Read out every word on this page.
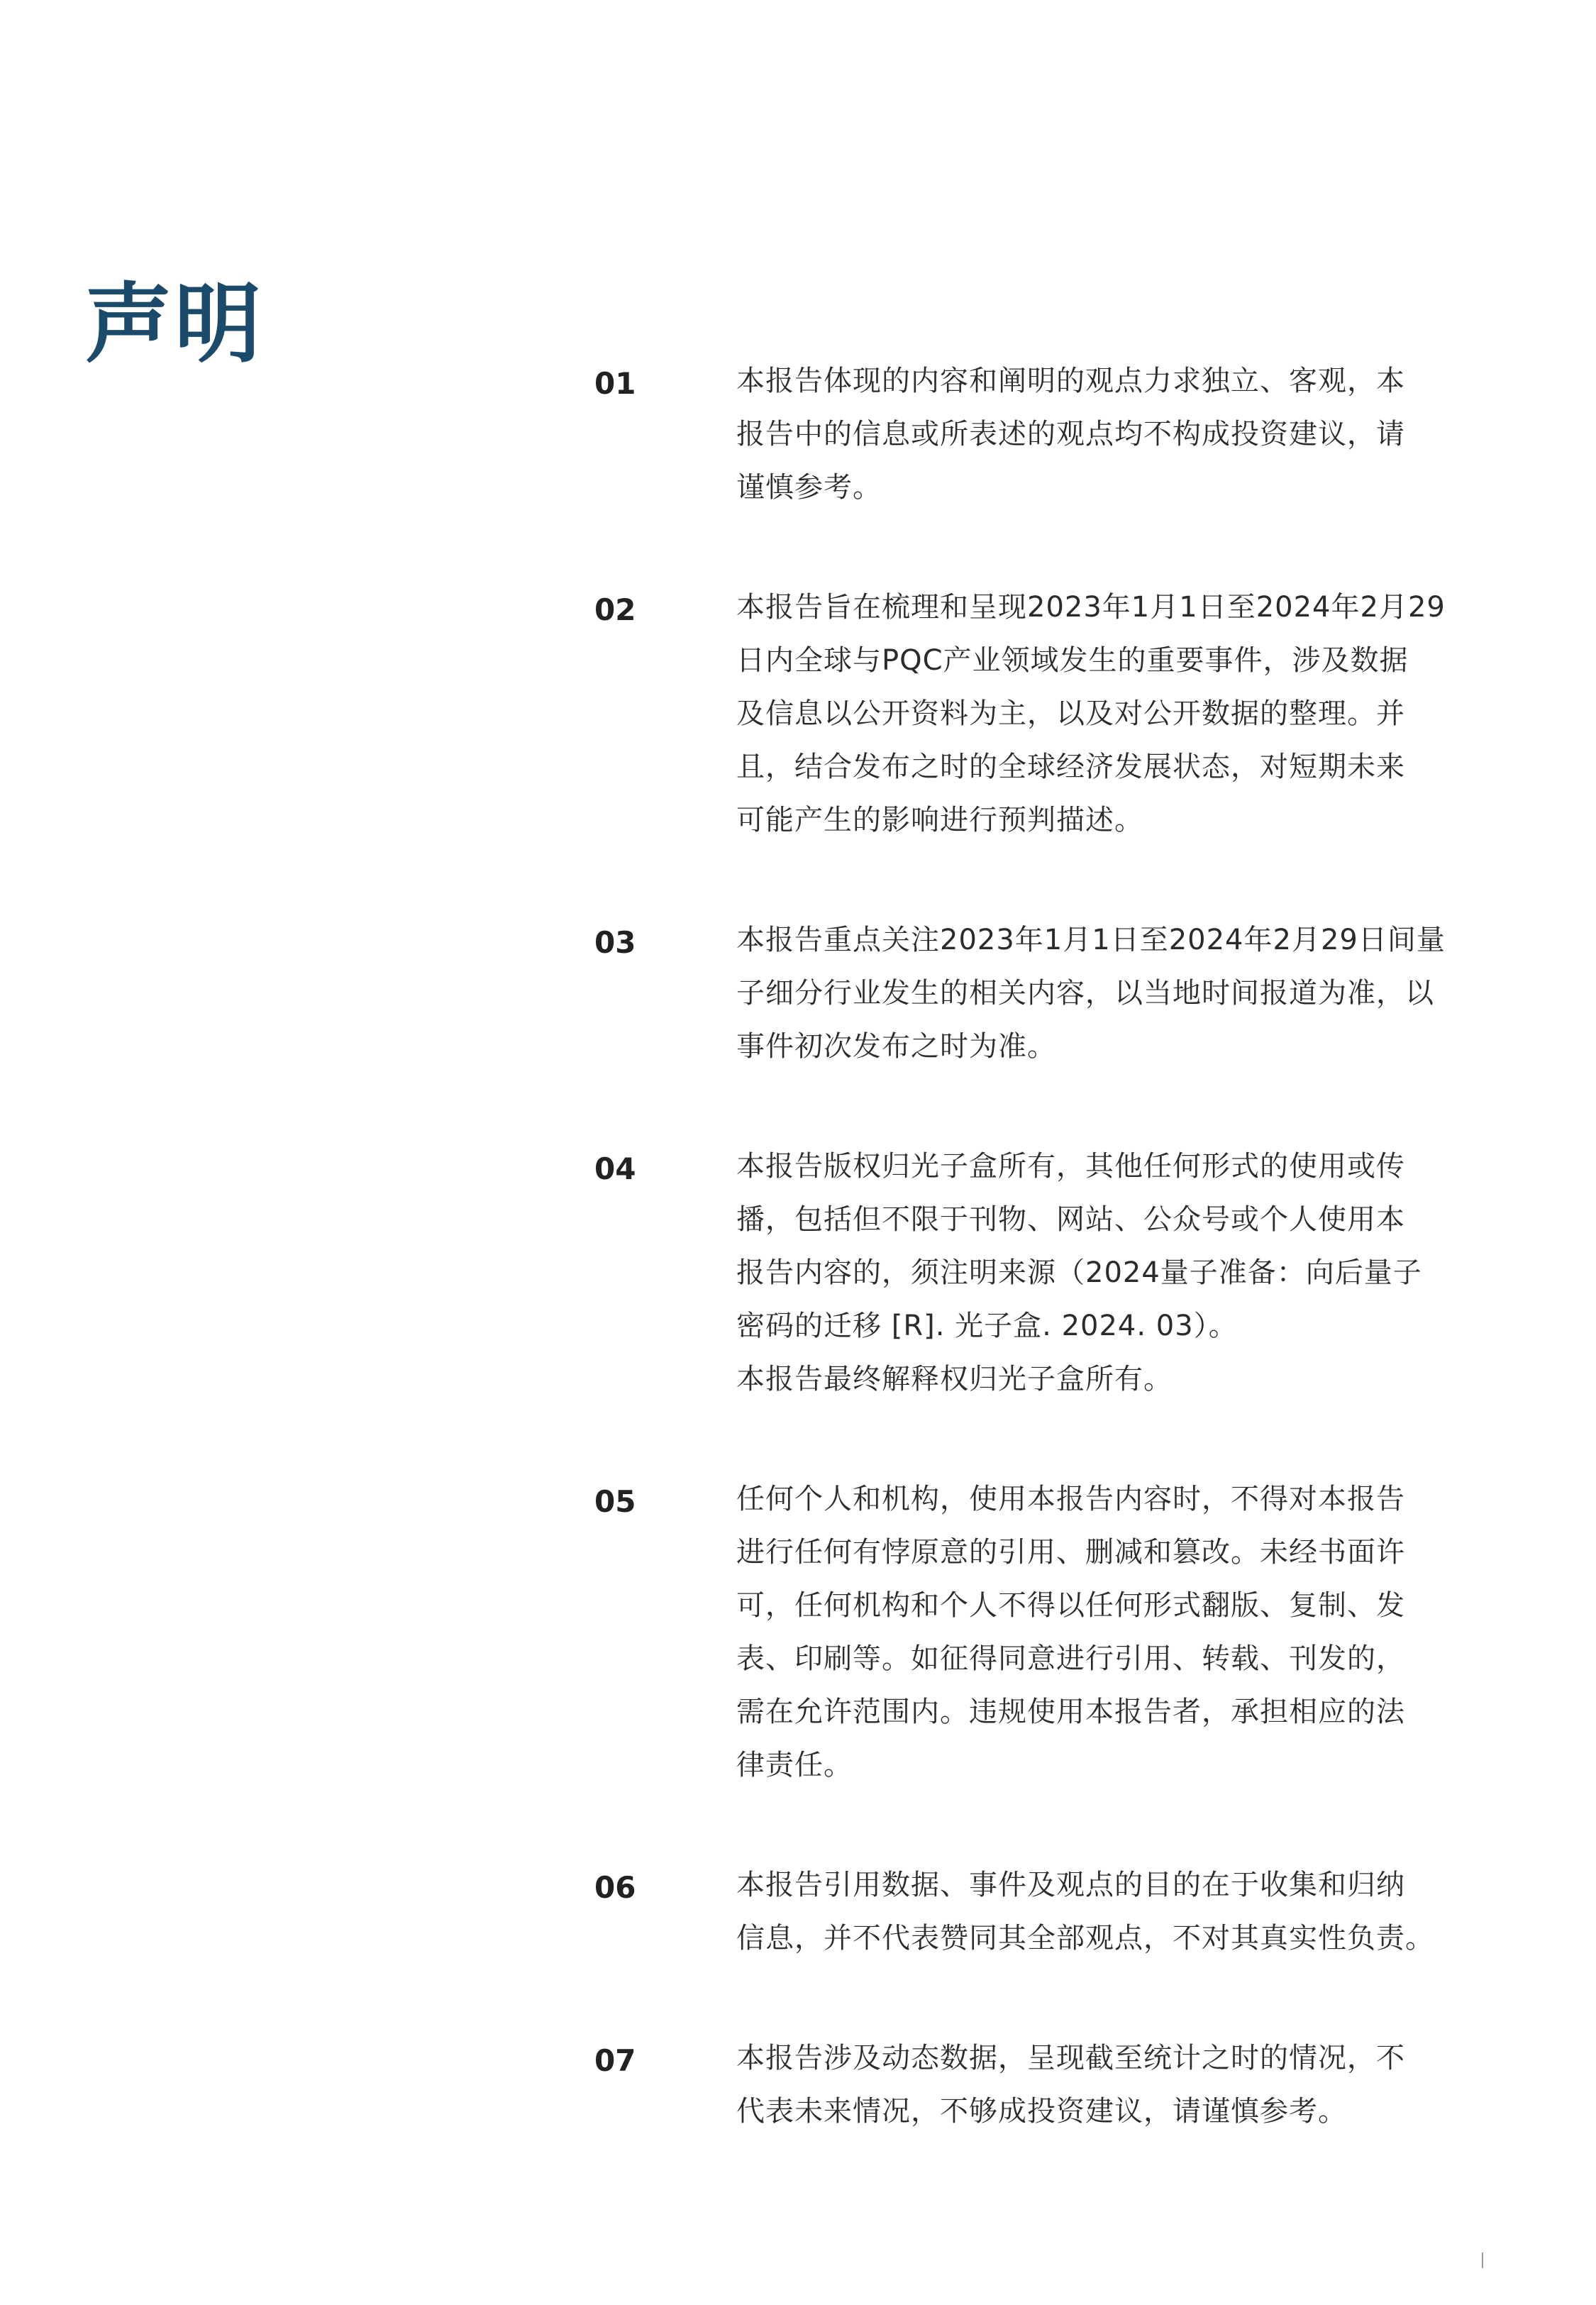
声明
01	本报告体现的内容和阐明的观点力求独立、客观，本
报告中的信息或所表述的观点均不构成投资建议，请
谨慎参考。

02	本报告旨在梳理和呈现2023年1月1日至2024年2月29
日内全球与PQC产业领域发生的重要事件，涉及数据
及信息以公开资料为主，以及对公开数据的整理。并
且，结合发布之时的全球经济发展状态，对短期未来
可能产生的影响进行预判描述。

03	本报告重点关注2023年1月1日至2024年2月29日间量
子细分行业发生的相关内容，以当地时间报道为准，以
事件初次发布之时为准。

04	本报告版权归光子盒所有，其他任何形式的使用或传
播，包括但不限于刊物、网站、公众号或个人使用本
报告内容的，须注明来源（2024量子准备：向后量子
密码的迁移 [R]. 光子盒. 2024. 03）。
本报告最终解释权归光子盒所有。

05	任何个人和机构，使用本报告内容时，不得对本报告
进行任何有悖原意的引用、删减和篡改。未经书面许
可，任何机构和个人不得以任何形式翻版、复制、发
表、印刷等。如征得同意进行引用、转载、刊发的，
需在允许范围内。违规使用本报告者，承担相应的法
律责任。

06	本报告引用数据、事件及观点的目的在于收集和归纳
信息，并不代表赞同其全部观点，不对其真实性负责。

07	本报告涉及动态数据，呈现截至统计之时的情况，不
代表未来情况，不够成投资建议，请谨慎参考。
